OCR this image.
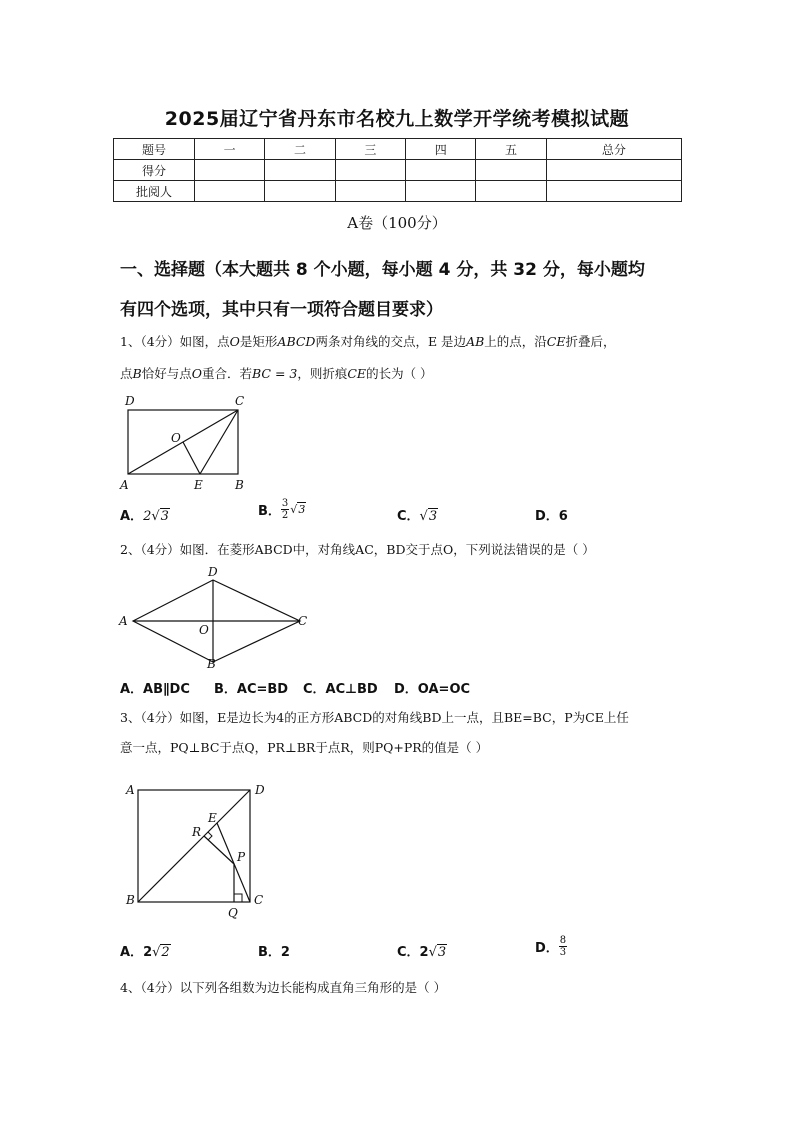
2025届辽宁省丹东市名校九上数学开学统考模拟试题
题号	一	二	三	四	五	总分
得分						
批阅人						
A卷（100分）
一、选择题（本大题共 8 个小题，每小题 4 分，共 32 分，每小题均
有四个选项，其中只有一项符合题目要求）
1、（4分）如图，点O是矩形ABCD两条对角线的交点，E 是边AB上的点，沿CE折叠后，
点B恰好与点O重合．若BC = 3，则折痕CE的长为（ ）
D	C
O
A	E	B
A．2√3	B． $\frac{3}{2} √3$	C．√3	D．6
2、（4分）如图．在菱形ABCD中，对角线AC，BD交于点O，下列说法错误的是（ ）
D
A
O
C
B
A．AB∥DC B．AC=BD C．AC⊥BD D．OA=OC
3、（4分）如图，E是边长为4的正方形ABCD的对角线BD上一点，且BE=BC，P为CE上任
意一点，PQ⊥BC于点Q，PR⊥BR于点R，则PQ+PR的值是（ ）
A	D
E
R
P
B
Q
C
A．2√2	B．2	C．2√3	D． $\frac{8}{3}$
4、（4分）以下列各组数为边长能构成直角三角形的是（ ）
